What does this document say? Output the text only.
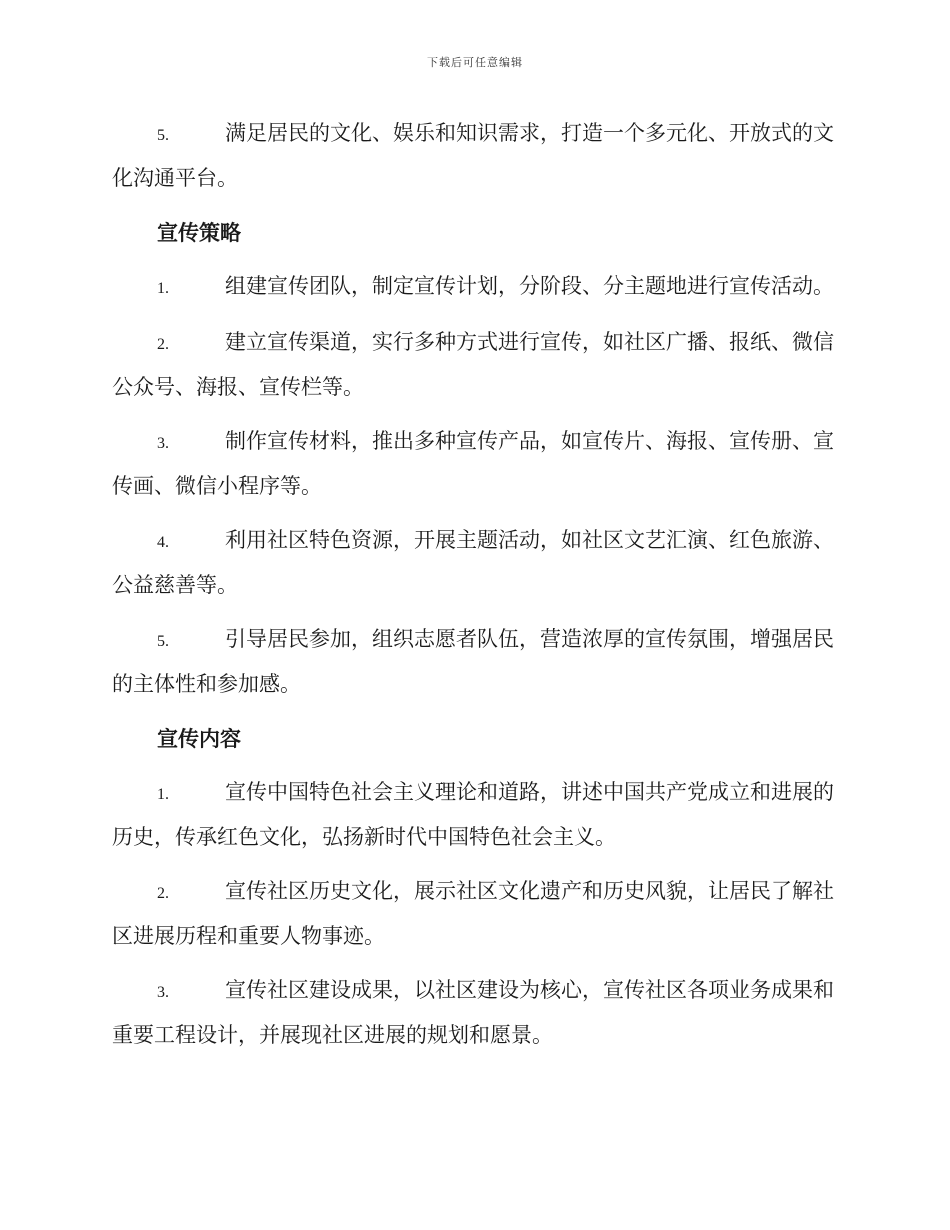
下载后可任意编辑

5.	满足居民的文化、娱乐和知识需求，打造一个多元化、开放式的文化沟通平台。

宣传策略

1.	组建宣传团队，制定宣传计划，分阶段、分主题地进行宣传活动。

2.	建立宣传渠道，实行多种方式进行宣传，如社区广播、报纸、微信公众号、海报、宣传栏等。

3.	制作宣传材料，推出多种宣传产品，如宣传片、海报、宣传册、宣传画、微信小程序等。

4.	利用社区特色资源，开展主题活动，如社区文艺汇演、红色旅游、公益慈善等。

5.	引导居民参加，组织志愿者队伍，营造浓厚的宣传氛围，增强居民的主体性和参加感。

宣传内容

1.	宣传中国特色社会主义理论和道路，讲述中国共产党成立和进展的历史，传承红色文化，弘扬新时代中国特色社会主义。

2.	宣传社区历史文化，展示社区文化遗产和历史风貌，让居民了解社区进展历程和重要人物事迹。

3.	宣传社区建设成果，以社区建设为核心，宣传社区各项业务成果和重要工程设计，并展现社区进展的规划和愿景。
